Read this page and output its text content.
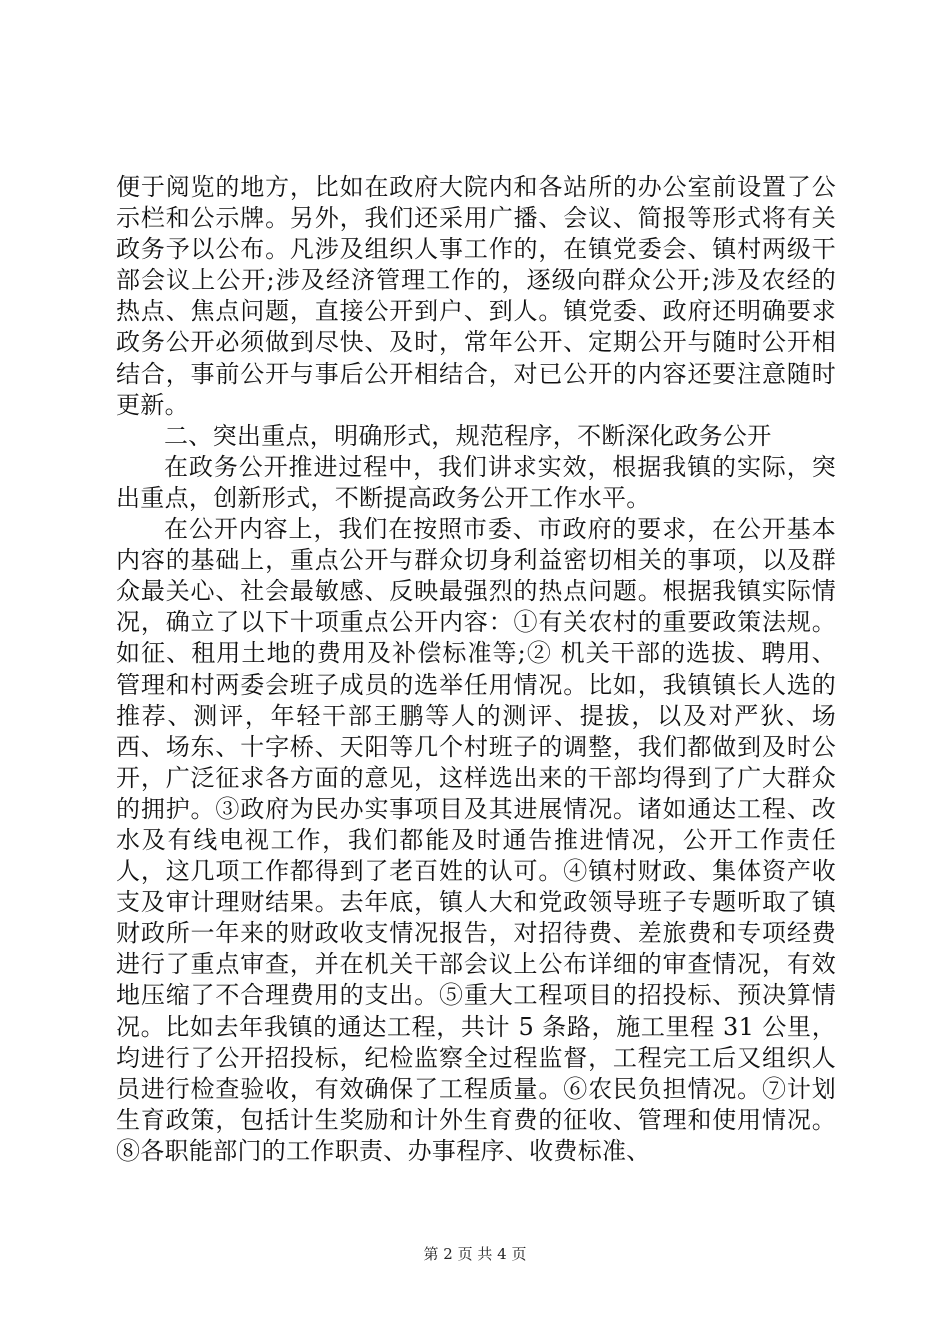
便于阅览的地方，比如在政府大院内和各站所的办公室前设置了公示栏和公示牌。另外，我们还采用广播、会议、简报等形式将有关政务予以公布。凡涉及组织人事工作的，在镇党委会、镇村两级干部会议上公开;涉及经济管理工作的，逐级向群众公开;涉及农经的热点、焦点问题，直接公开到户、到人。镇党委、政府还明确要求政务公开必须做到尽快、及时，常年公开、定期公开与随时公开相结合，事前公开与事后公开相结合，对已公开的内容还要注意随时更新。

二、突出重点，明确形式，规范程序，不断深化政务公开

在政务公开推进过程中，我们讲求实效，根据我镇的实际，突出重点，创新形式，不断提高政务公开工作水平。

在公开内容上，我们在按照市委、市政府的要求，在公开基本内容的基础上，重点公开与群众切身利益密切相关的事项，以及群众最关心、社会最敏感、反映最强烈的热点问题。根据我镇实际情况，确立了以下十项重点公开内容：①有关农村的重要政策法规。如征、租用土地的费用及补偿标准等;② 机关干部的选拔、聘用、管理和村两委会班子成员的选举任用情况。比如，我镇镇长人选的推荐、测评，年轻干部王鹏等人的测评、提拔，以及对严狄、场西、场东、十字桥、天阳等几个村班子的调整，我们都做到及时公开，广泛征求各方面的意见，这样选出来的干部均得到了广大群众的拥护。③政府为民办实事项目及其进展情况。诸如通达工程、改水及有线电视工作，我们都能及时通告推进情况，公开工作责任人，这几项工作都得到了老百姓的认可。④镇村财政、集体资产收支及审计理财结果。去年底，镇人大和党政领导班子专题听取了镇财政所一年来的财政收支情况报告，对招待费、差旅费和专项经费进行了重点审查，并在机关干部会议上公布详细的审查情况，有效地压缩了不合理费用的支出。⑤重大工程项目的招投标、预决算情况。比如去年我镇的通达工程，共计 5 条路，施工里程 31 公里，均进行了公开招投标，纪检监察全过程监督，工程完工后又组织人员进行检查验收，有效确保了工程质量。⑥农民负担情况。⑦计划生育政策，包括计生奖励和计外生育费的征收、管理和使用情况。⑧各职能部门的工作职责、办事程序、收费标准、

第 2 页 共 4 页
